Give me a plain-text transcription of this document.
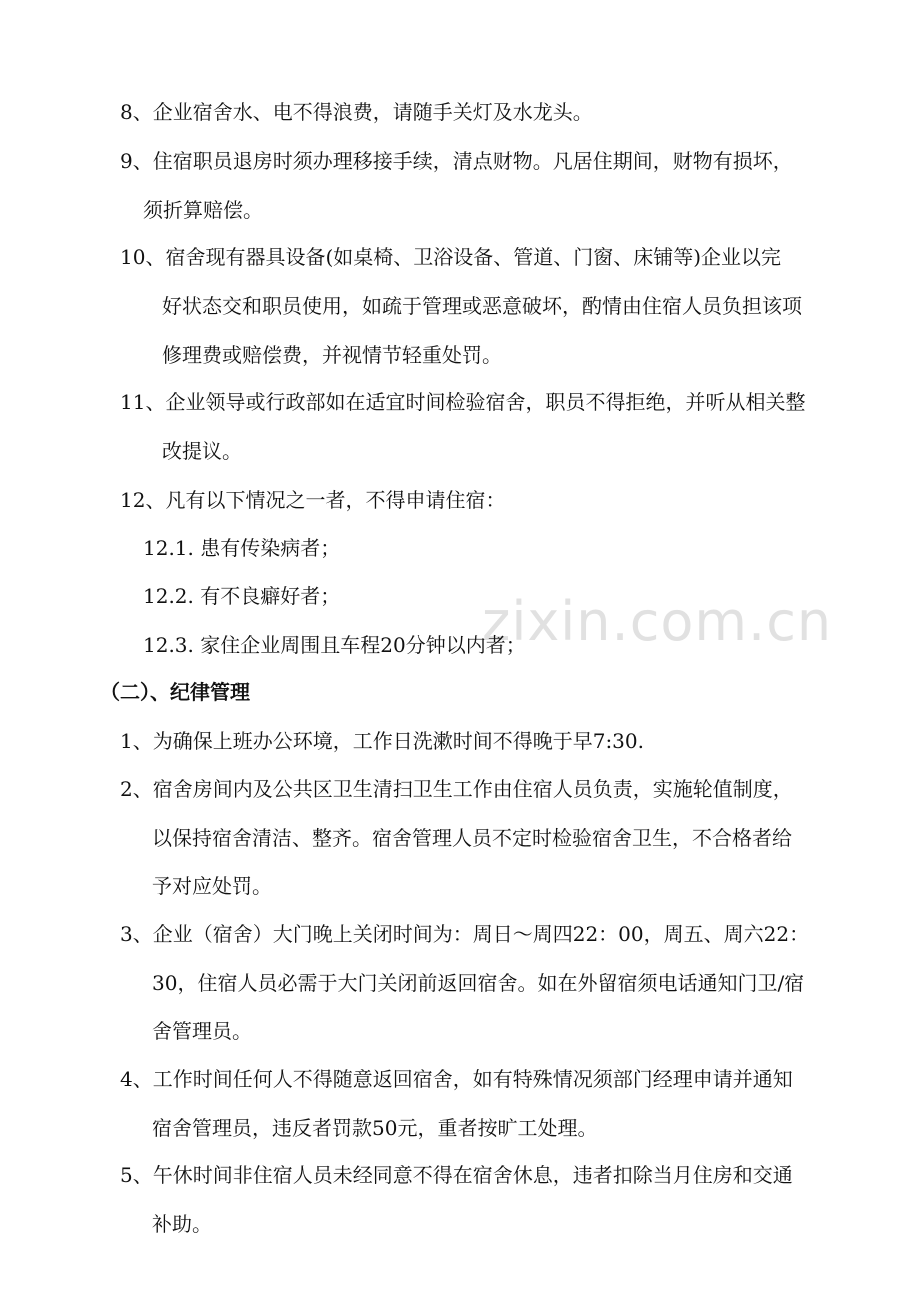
zixin.com.cn
8、企业宿舍水、电不得浪费，请随手关灯及水龙头。
9、住宿职员退房时须办理移接手续，清点财物。凡居住期间，财物有损坏，
须折算赔偿。
10、宿舍现有器具设备(如桌椅、卫浴设备、管道、门窗、床铺等)企业以完
好状态交和职员使用，如疏于管理或恶意破坏，酌情由住宿人员负担该项
修理费或赔偿费，并视情节轻重处罚。
11、企业领导或行政部如在适宜时间检验宿舍，职员不得拒绝，并听从相关整
改提议。
12、凡有以下情况之一者，不得申请住宿：
12.1. 患有传染病者；
12.2. 有不良癖好者；
12.3. 家住企业周围且车程20分钟以内者；
（二）、纪律管理
1、为确保上班办公环境，工作日洗漱时间不得晚于早7:30.
2、宿舍房间内及公共区卫生清扫卫生工作由住宿人员负责，实施轮值制度，
以保持宿舍清洁、整齐。宿舍管理人员不定时检验宿舍卫生，不合格者给
予对应处罚。
3、企业（宿舍）大门晚上关闭时间为：周日～周四22：00，周五、周六22：
30，住宿人员必需于大门关闭前返回宿舍。如在外留宿须电话通知门卫/宿
舍管理员。
4、工作时间任何人不得随意返回宿舍，如有特殊情况须部门经理申请并通知
宿舍管理员，违反者罚款50元，重者按旷工处理。
5、午休时间非住宿人员未经同意不得在宿舍休息，违者扣除当月住房和交通
补助。
